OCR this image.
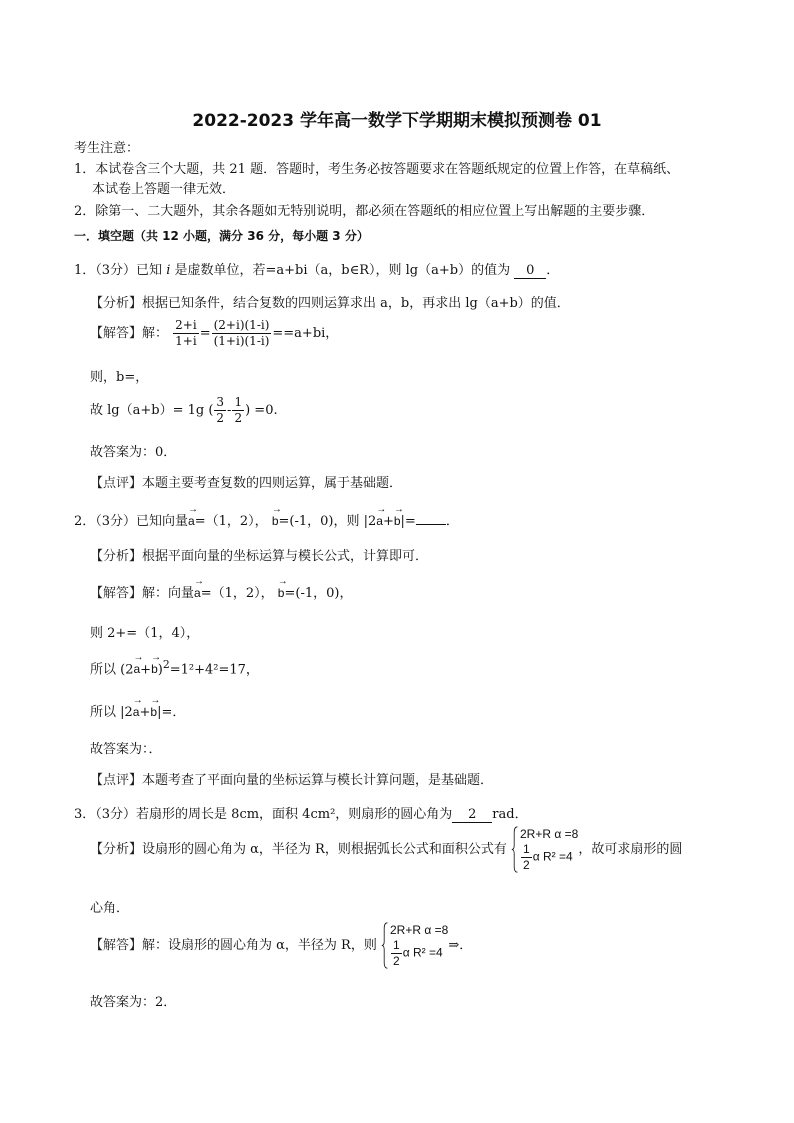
2022-2023 学年高一数学下学期期末模拟预测卷 01
考生注意：
1．本试卷含三个大题，共 21 题．答题时，考生务必按答题要求在答题纸规定的位置上作答，在草稿纸、
本试卷上答题一律无效．
2．除第一、二大题外，其余各题如无特别说明，都必须在答题纸的相应位置上写出解题的主要步骤．
一．填空题（共 12 小题，满分 36 分，每小题 3 分）
1．（3分）已知 i 是虚数单位，若=a+bi（a，b∈R），则 lg（a+b）的值为 0 ．
【分析】根据已知条件，结合复数的四则运算求出 a，b，再求出 lg（a+b）的值．
【解答】解： $\frac{2+i}{1+i} = \frac{(2+i)(1-i)}{(1+i)(1-i)} ==a+bi$，
则，b=，
故 lg（a+b）= 1g ( $\frac{3}{2} - \frac{1}{2}$ ) =0.
故答案为：0．
【点评】本题主要考查复数的四则运算，属于基础题．
2．（3分）已知向量→ a=（1，2）， → b=(-1，0)，则 |2→ a+→ b|= ．
【分析】根据平面向量的坐标运算与模长公式，计算即可．
【解答】解：向量→ a=（1，2）， → b=(-1，0)，
则 2+=（1，4），
所以 $(2\to a+\to b)^2=1^2+4^2=17$，
所以 |2→ a+→ b|=．
故答案为：．
【点评】本题考查了平面向量的坐标运算与模长计算问题，是基础题．
3．（3分）若扇形的周长是 8cm，面积 4cm²，则扇形的圆心角为 2 rad．
【分析】设扇形的圆心角为 α，半径为 R，则根据弧长公式和面积公式有
2R+R α =8
$\frac{1}{2}$ α R² =4 ，故可求扇形的圆
心角．
【解答】解：设扇形的圆心角为 α，半径为 R，则
2R+R α =8
$\frac{1}{2}$ α R² =4 ⇒．
故答案为：2．
